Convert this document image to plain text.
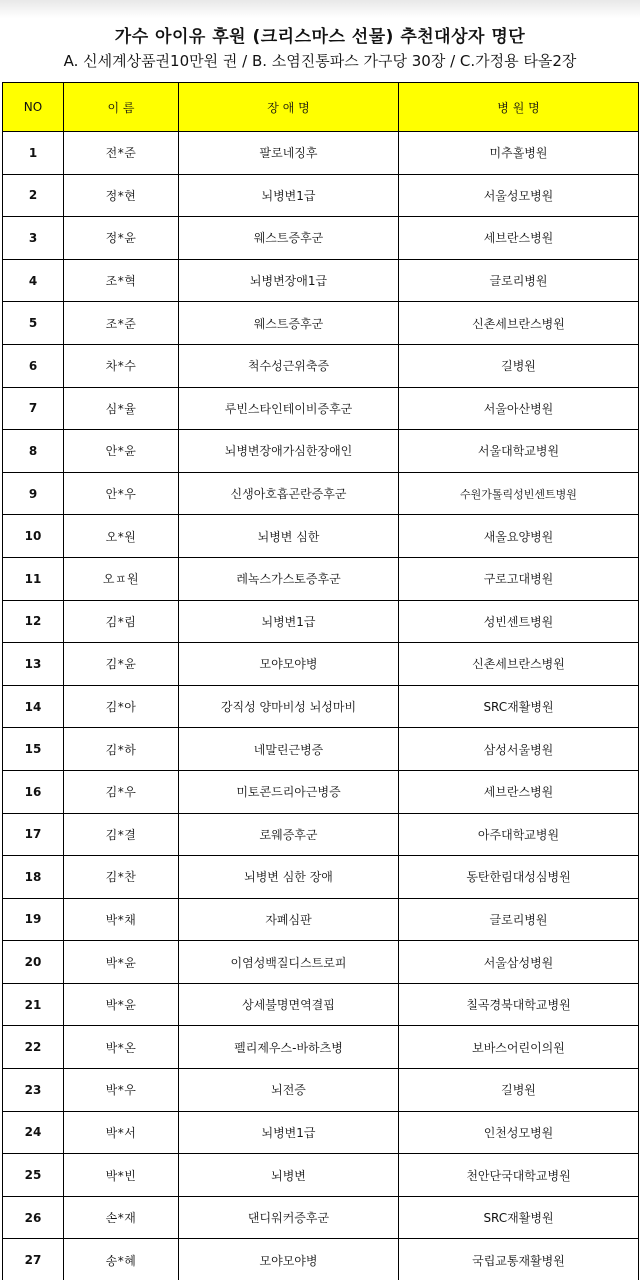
가수 아이유 후원 (크리스마스 선물) 추천대상자 명단
A. 신세계상품권10만원 권 / B. 소염진통파스 가구당 30장 / C.가정용 타올2장
NO	이 름	장 애 명	병 원 명
1	전*준	팔로네징후	미추홀병원
2	정*현	뇌병변1급	서울성모병원
3	정*윤	웨스트증후군	세브란스병원
4	조*혁	뇌병변장애1급	글로리병원
5	조*준	웨스트증후군	신촌세브란스병원
6	차*수	척수성근위축증	길병원
7	심*율	루빈스타인테이비증후군	서울아산병원
8	안*윤	뇌병변장애가심한장애인	서울대학교병원
9	안*우	신생아호흡곤란증후군	수원가톨릭성빈센트병원
10	오*원	뇌병변 심한	새올요양병원
11	오ㅍ원	레녹스가스토증후군	구로고대병원
12	김*림	뇌병변1급	성빈센트병원
13	김*윤	모야모야병	신촌세브란스병원
14	김*아	강직성 양마비성 뇌성마비	SRC재활병원
15	김*하	네말린근병증	삼성서울병원
16	김*우	미토콘드리아근병증	세브란스병원
17	김*결	로웨증후군	아주대학교병원
18	김*찬	뇌병변 심한 장애	동탄한림대성심병원
19	박*채	자폐심판	글로리병원
20	박*윤	이염성백질디스트로피	서울삼성병원
21	박*윤	상세불명면역결핍	칠곡경북대학교병원
22	박*온	펠리제우스-바하츠병	보바스어린이의원
23	박*우	뇌전증	길병원
24	박*서	뇌병변1급	인천성모병원
25	박*빈	뇌병변	천안단국대학교병원
26	손*재	댄디워커증후군	SRC재활병원
27	송*혜	모야모야병	국립교통재활병원
